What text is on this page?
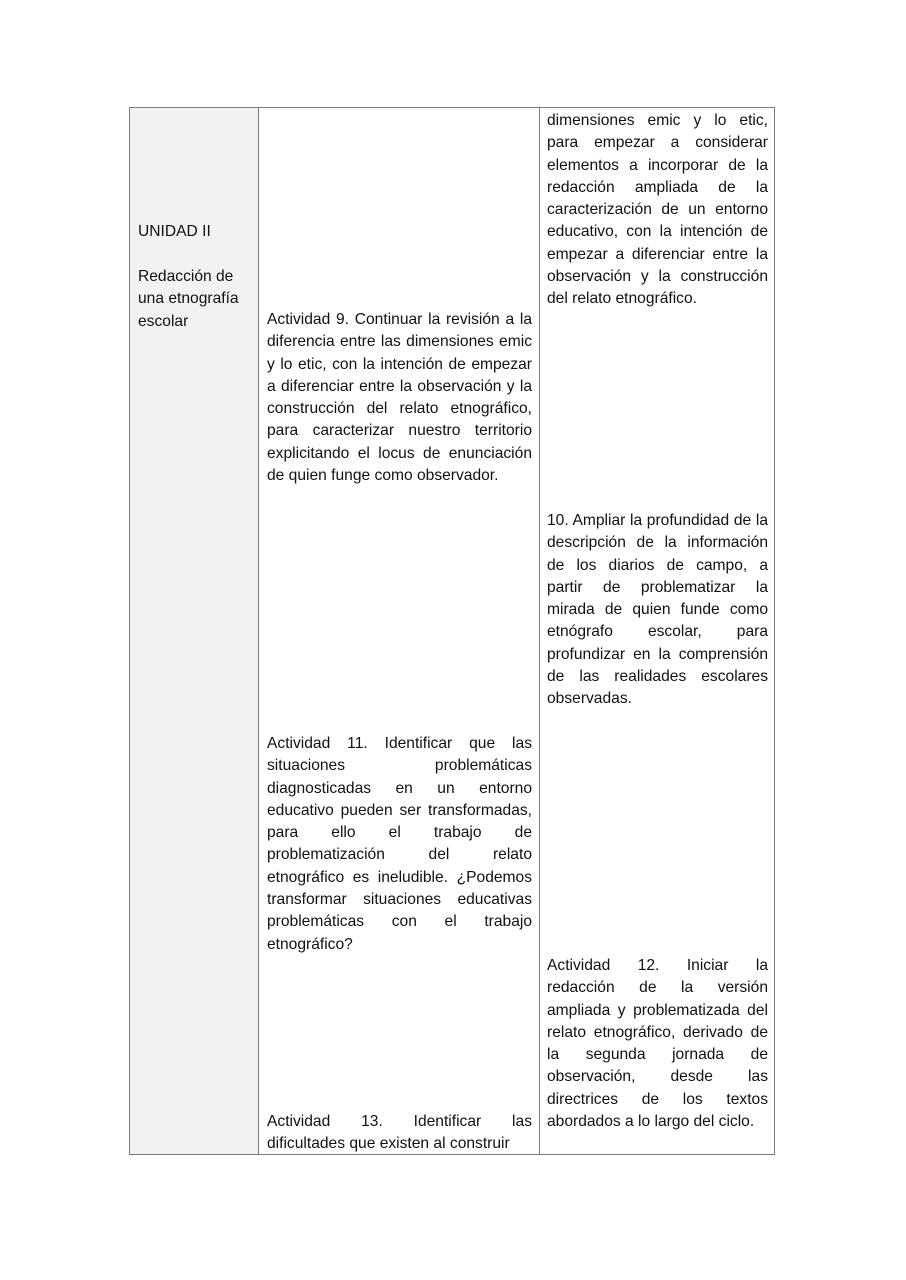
UNIDAD II
Redacción de una etnografía escolar	Actividad 9. Continuar la revisión a la diferencia entre las dimensiones emic y lo etic, con la intención de empezar a diferenciar entre la observación y la construcción del relato etnográfico, para caracterizar nuestro territorio explicitando el locus de enunciación de quien funge como observador.
Actividad 11. Identificar que las situaciones problemáticas diagnosticadas en un entorno educativo pueden ser transformadas, para ello el trabajo de problematización del relato etnográfico es ineludible. ¿Podemos transformar situaciones educativas problemáticas con el trabajo etnográfico?
Actividad 13. Identificar las dificultades que existen al construir
dimensiones emic y lo etic, para empezar a considerar elementos a incorporar de la redacción ampliada de la caracterización de un entorno educativo, con la intención de empezar a diferenciar entre la observación y la construcción del relato etnográfico.
10. Ampliar la profundidad de la descripción de la información de los diarios de campo, a partir de problematizar la mirada de quien funde como etnógrafo escolar, para profundizar en la comprensión de las realidades escolares observadas.
Actividad 12. Iniciar la redacción de la versión ampliada y problematizada del relato etnográfico, derivado de la segunda jornada de observación, desde las directrices de los textos abordados a lo largo del ciclo.
